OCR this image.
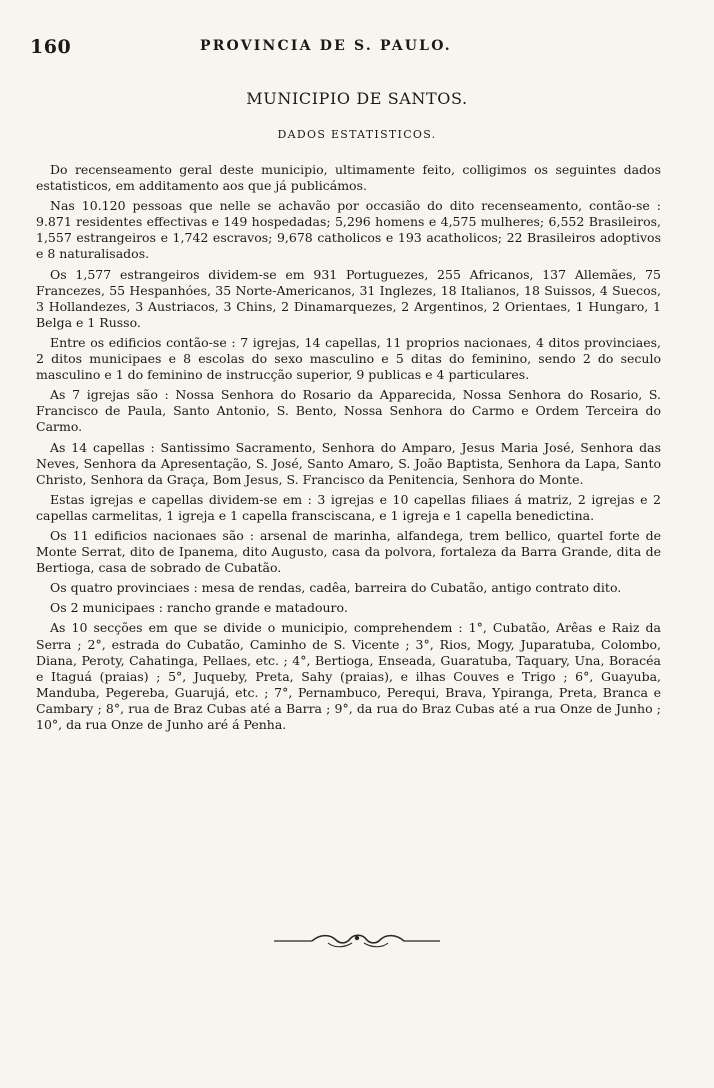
160	PROVINCIA DE S. PAULO.
MUNICIPIO DE SANTOS.
DADOS ESTATISTICOS.

Do recenseamento geral deste municipio, ultimamente feito, colligimos os seguintes dados estatisticos, em additamento aos que já publicámos.

Nas 10.120 pessoas que nelle se achavão por occasião do dito recenseamento, contão-se : 9.871 residentes effectivas e 149 hospedadas; 5,296 homens e 4,575 mulheres; 6,552 Brasileiros, 1,557 estrangeiros e 1,742 escravos; 9,678 catholicos e 193 acatholicos; 22 Brasileiros adoptivos e 8 naturalisados.

Os 1,577 estrangeiros dividem-se em 931 Portuguezes, 255 Africanos, 137 Allemães, 75 Francezes, 55 Hespanhóes, 35 Norte-Americanos, 31 Inglezes, 18 Italianos, 18 Suissos, 4 Suecos, 3 Hollandezes, 3 Austriacos, 3 Chins, 2 Dinamarquezes, 2 Argentinos, 2 Orientaes, 1 Hungaro, 1 Belga e 1 Russo.

Entre os edificios contão-se : 7 igrejas, 14 capellas, 11 proprios nacionaes, 4 ditos provinciaes, 2 ditos municipaes e 8 escolas do sexo masculino e 5 ditas do feminino, sendo 2 do seculo masculino e 1 do feminino de instrucção superior, 9 publicas e 4 particulares.

As 7 igrejas são : Nossa Senhora do Rosario da Apparecida, Nossa Senhora do Rosario, S. Francisco de Paula, Santo Antonio, S. Bento, Nossa Senhora do Carmo e Ordem Terceira do Carmo.

As 14 capellas : Santissimo Sacramento, Senhora do Amparo, Jesus Maria José, Senhora das Neves, Senhora da Apresentação, S. José, Santo Amaro, S. João Baptista, Senhora da Lapa, Santo Christo, Senhora da Graça, Bom Jesus, S. Francisco da Penitencia, Senhora do Monte.

Estas igrejas e capellas dividem-se em : 3 igrejas e 10 capellas filiaes á matriz, 2 igrejas e 2 capellas carmelitas, 1 igreja e 1 capella fransciscana, e 1 igreja e 1 capella benedictina.

Os 11 edificios nacionaes são : arsenal de marinha, alfandega, trem bellico, quartel forte de Monte Serrat, dito de Ipanema, dito Augusto, casa da polvora, fortaleza da Barra Grande, dita de Bertioga, casa de sobrado de Cubatão.

Os quatro provinciaes : mesa de rendas, cadêa, barreira do Cubatão, antigo contrato dito.

Os 2 municipaes : rancho grande e matadouro.

As 10 secções em que se divide o municipio, comprehendem : 1°, Cubatão, Arêas e Raiz da Serra ; 2°, estrada do Cubatão, Caminho de S. Vicente ; 3°, Rios, Mogy, Juparatuba, Colombo, Diana, Peroty, Cahatinga, Pellaes, etc. ; 4°, Bertioga, Enseada, Guaratuba, Taquary, Una, Boracéa e Itaguá (praias) ; 5°, Juqueby, Preta, Sahy (praias), e ilhas Couves e Trigo ; 6°, Guayuba, Manduba, Pegereba, Guarujá, etc. ; 7°, Pernambuco, Perequi, Brava, Ypiranga, Preta, Branca e Cambary ; 8°, rua de Braz Cubas até a Barra ; 9°, da rua do Braz Cubas até a rua Onze de Junho ; 10°, da rua Onze de Junho aré á Penha.
